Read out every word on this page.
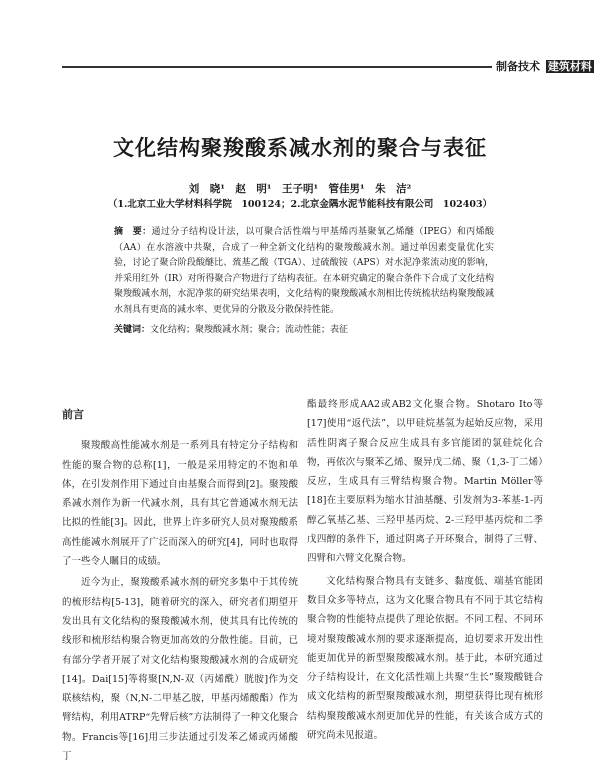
制备技术 建筑材料
文化结构聚羧酸系减水剂的聚合与表征
刘　晓¹　赵　明¹　王子明¹　管佳男¹　朱　洁²
（1.北京工业大学材料科学院　100124；2.北京金隅水泥节能科技有限公司　102403）
摘　要：通过分子结构设计法，以可聚合活性端与甲基烯丙基聚氧乙烯醚（IPEG）和丙烯酸（AA）在水溶液中共聚，合成了一种全新文化结构的聚羧酸减水剂。通过单因素变量优化实验，讨论了聚合阶段酸醚比、巯基乙酸（TGA）、过硫酸铵（APS）对水泥净浆流动度的影响，并采用红外（IR）对所得聚合产物进行了结构表征。在本研究确定的聚合条件下合成了文化结构聚羧酸减水剂，水泥净浆的研究结果表明，文化结构的聚羧酸减水剂相比传统梳状结构聚羧酸减水剂具有更高的减水率、更优异的分散及分散保持性能。
关键词：文化结构；聚羧酸减水剂；聚合；流动性能；表征
前言

聚羧酸高性能减水剂是一系列具有特定分子结构和性能的聚合物的总称[1]，一般是采用特定的不饱和单体，在引发剂作用下通过自由基聚合而得到[2]。聚羧酸系减水剂作为新一代减水剂，具有其它普通减水剂无法比拟的性能[3]。因此，世界上许多研究人员对聚羧酸系高性能减水剂展开了广泛而深入的研究[4]，同时也取得了一些令人瞩目的成绩。

近今为止，聚羧酸系减水剂的研究多集中于其传统的梳形结构[5-13]，随着研究的深入，研究者们期望开发出具有文化结构的聚羧酸减水剂，使其具有比传统的线形和梳形结构聚合物更加高效的分散性能。目前，已有部分学者开展了对文化结构聚羧酸减水剂的合成研究[14]。Dai[15]等将聚[N,N-双（丙烯酰）胱胺]作为交联核结构，聚（N,N-二甲基乙胺，甲基丙烯酸酯）作为臂结构，利用ATRP“先臂后核”方法制得了一种文化聚合物。Francis等[16]用三步法通过引发苯乙烯或丙烯酸丁

酯最终形成AA2或AB2文化聚合物。Shotaro Ito等[17]使用“返代法”，以甲硅烷基氢为起始反应物，采用活性阴离子聚合反应生成具有多官能团的氯硅烷化合物，再依次与聚苯乙烯、聚异戊二烯、聚（1,3-丁二烯）反应，生成具有三臂结构聚合物。Martin Möller等[18]在主要原料为缩水甘油基醚、引发剂为3-苯基-1-丙醇乙氧基乙基、三羟甲基丙烷、2-三羟甲基丙烷和二季戊四醇的条件下，通过阴离子开环聚合，制得了三臂、四臂和六臂文化聚合物。

文化结构聚合物具有支链多、黏度低、端基官能团数目众多等特点，这为文化聚合物具有不同于其它结构聚合物的性能特点提供了理论依据。不同工程、不同环境对聚羧酸减水剂的要求逐渐提高，迫切要求开发出性能更加优异的新型聚羧酸减水剂。基于此，本研究通过分子结构设计，在文化活性端上共聚“生长”聚羧酸链合成文化结构的新型聚羧酸减水剂，期望获得比现有梳形结构聚羧酸减水剂更加优异的性能，有关该合成方式的研究尚未见报道。
